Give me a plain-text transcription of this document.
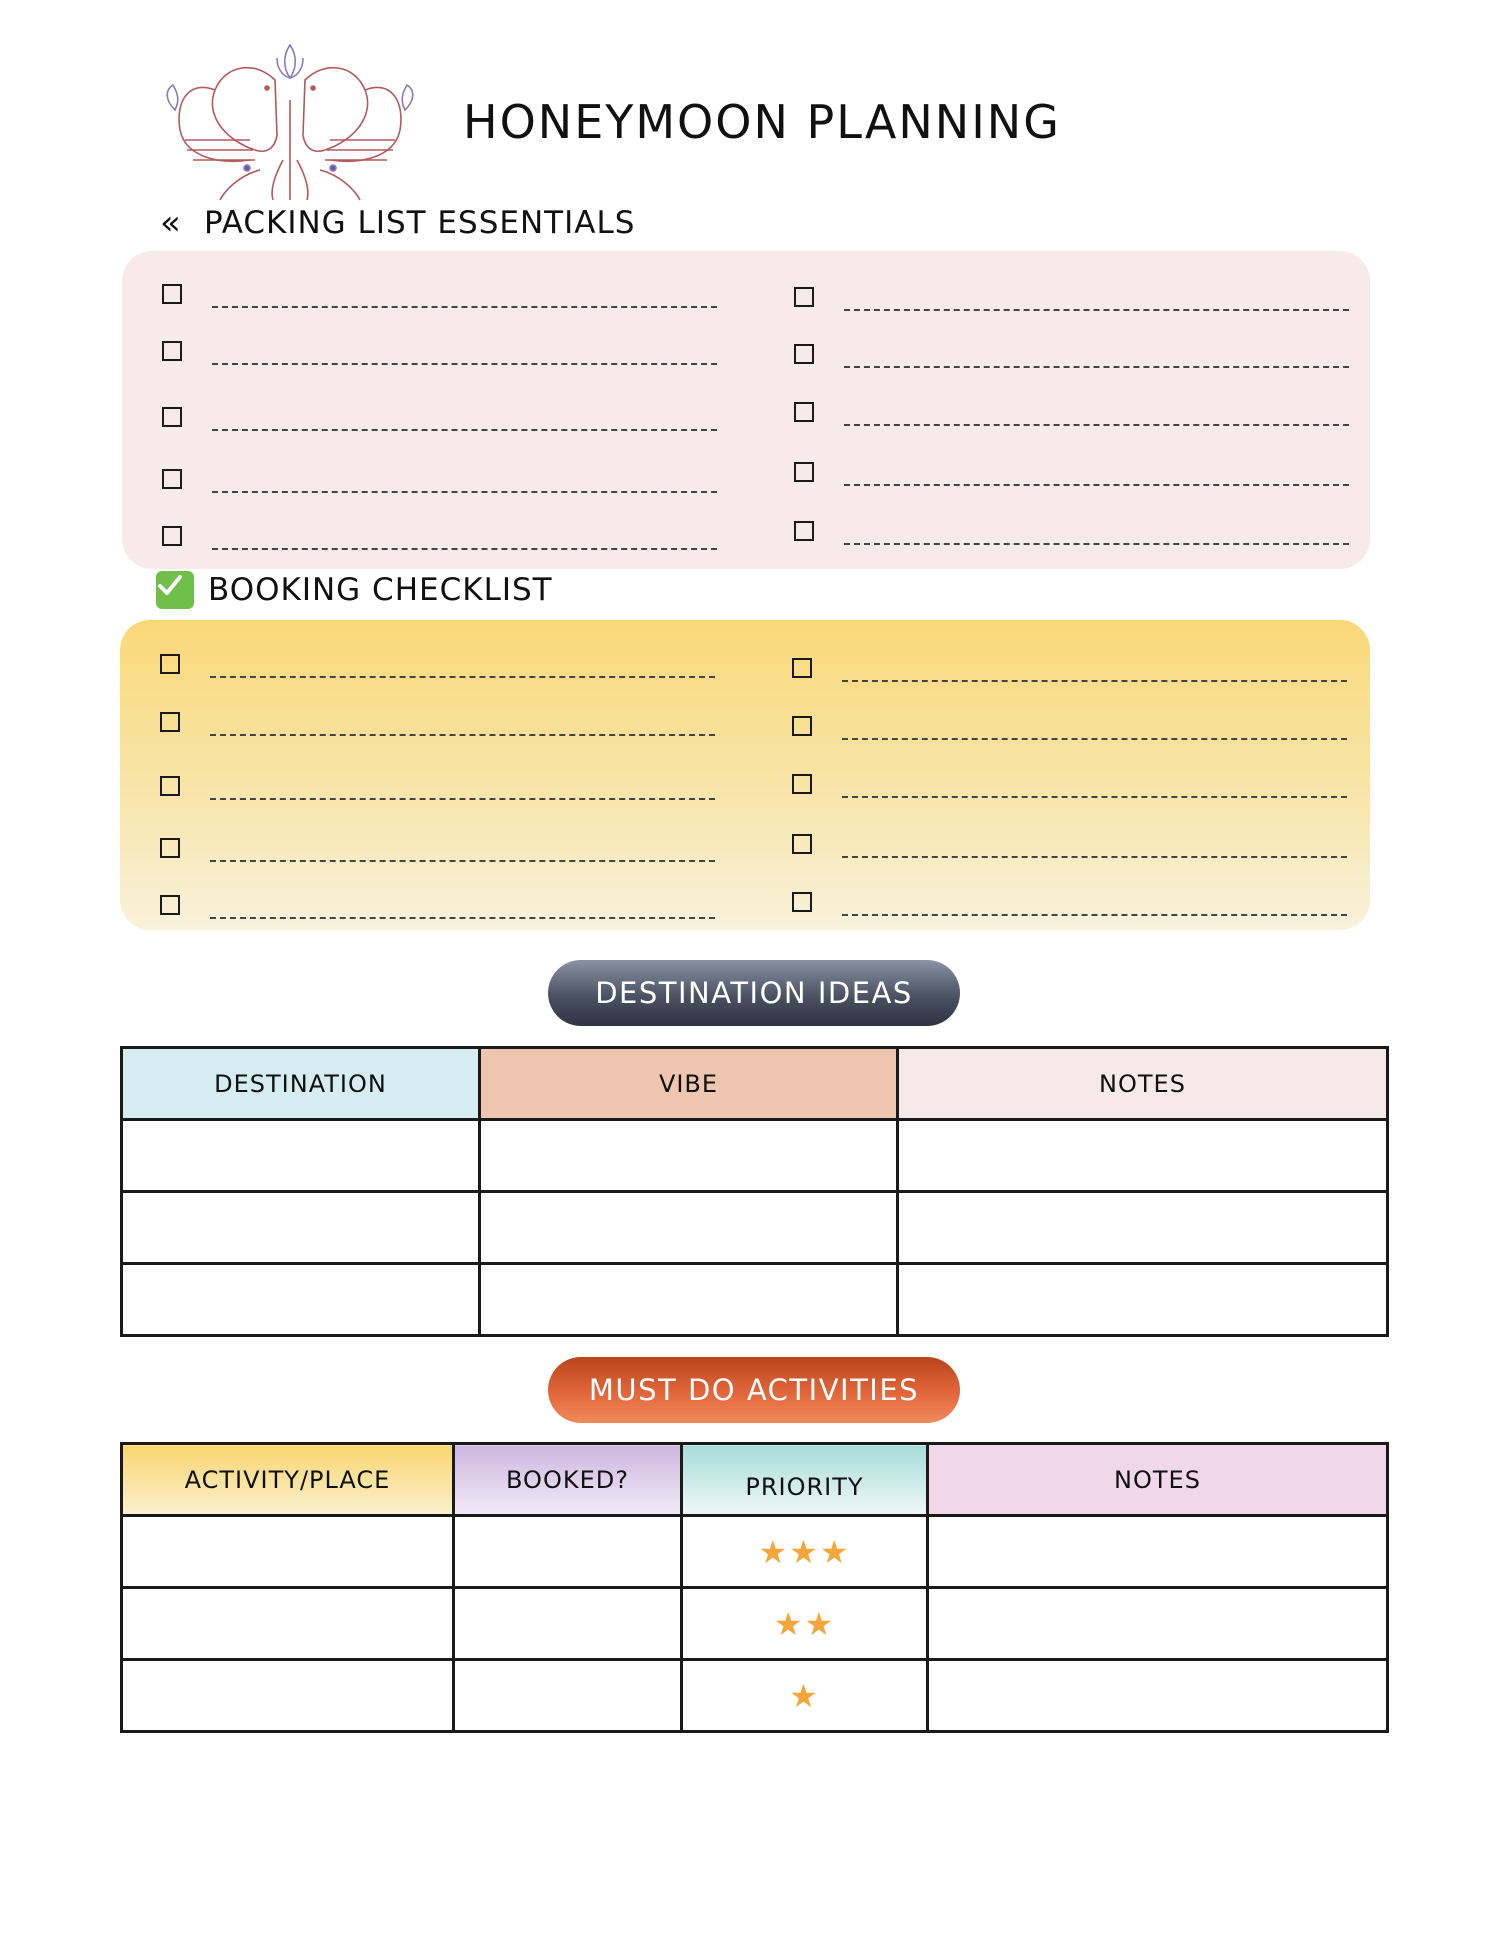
HONEYMOON PLANNING
« PACKING LIST ESSENTIALS
BOOKING CHECKLIST
DESTINATION IDEAS
DESTINATION	VIBE	NOTES

MUST DO ACTIVITIES
ACTIVITY/PLACE	BOOKED?	PRIORITY	NOTES
		★★★	
		★★	
		★	
